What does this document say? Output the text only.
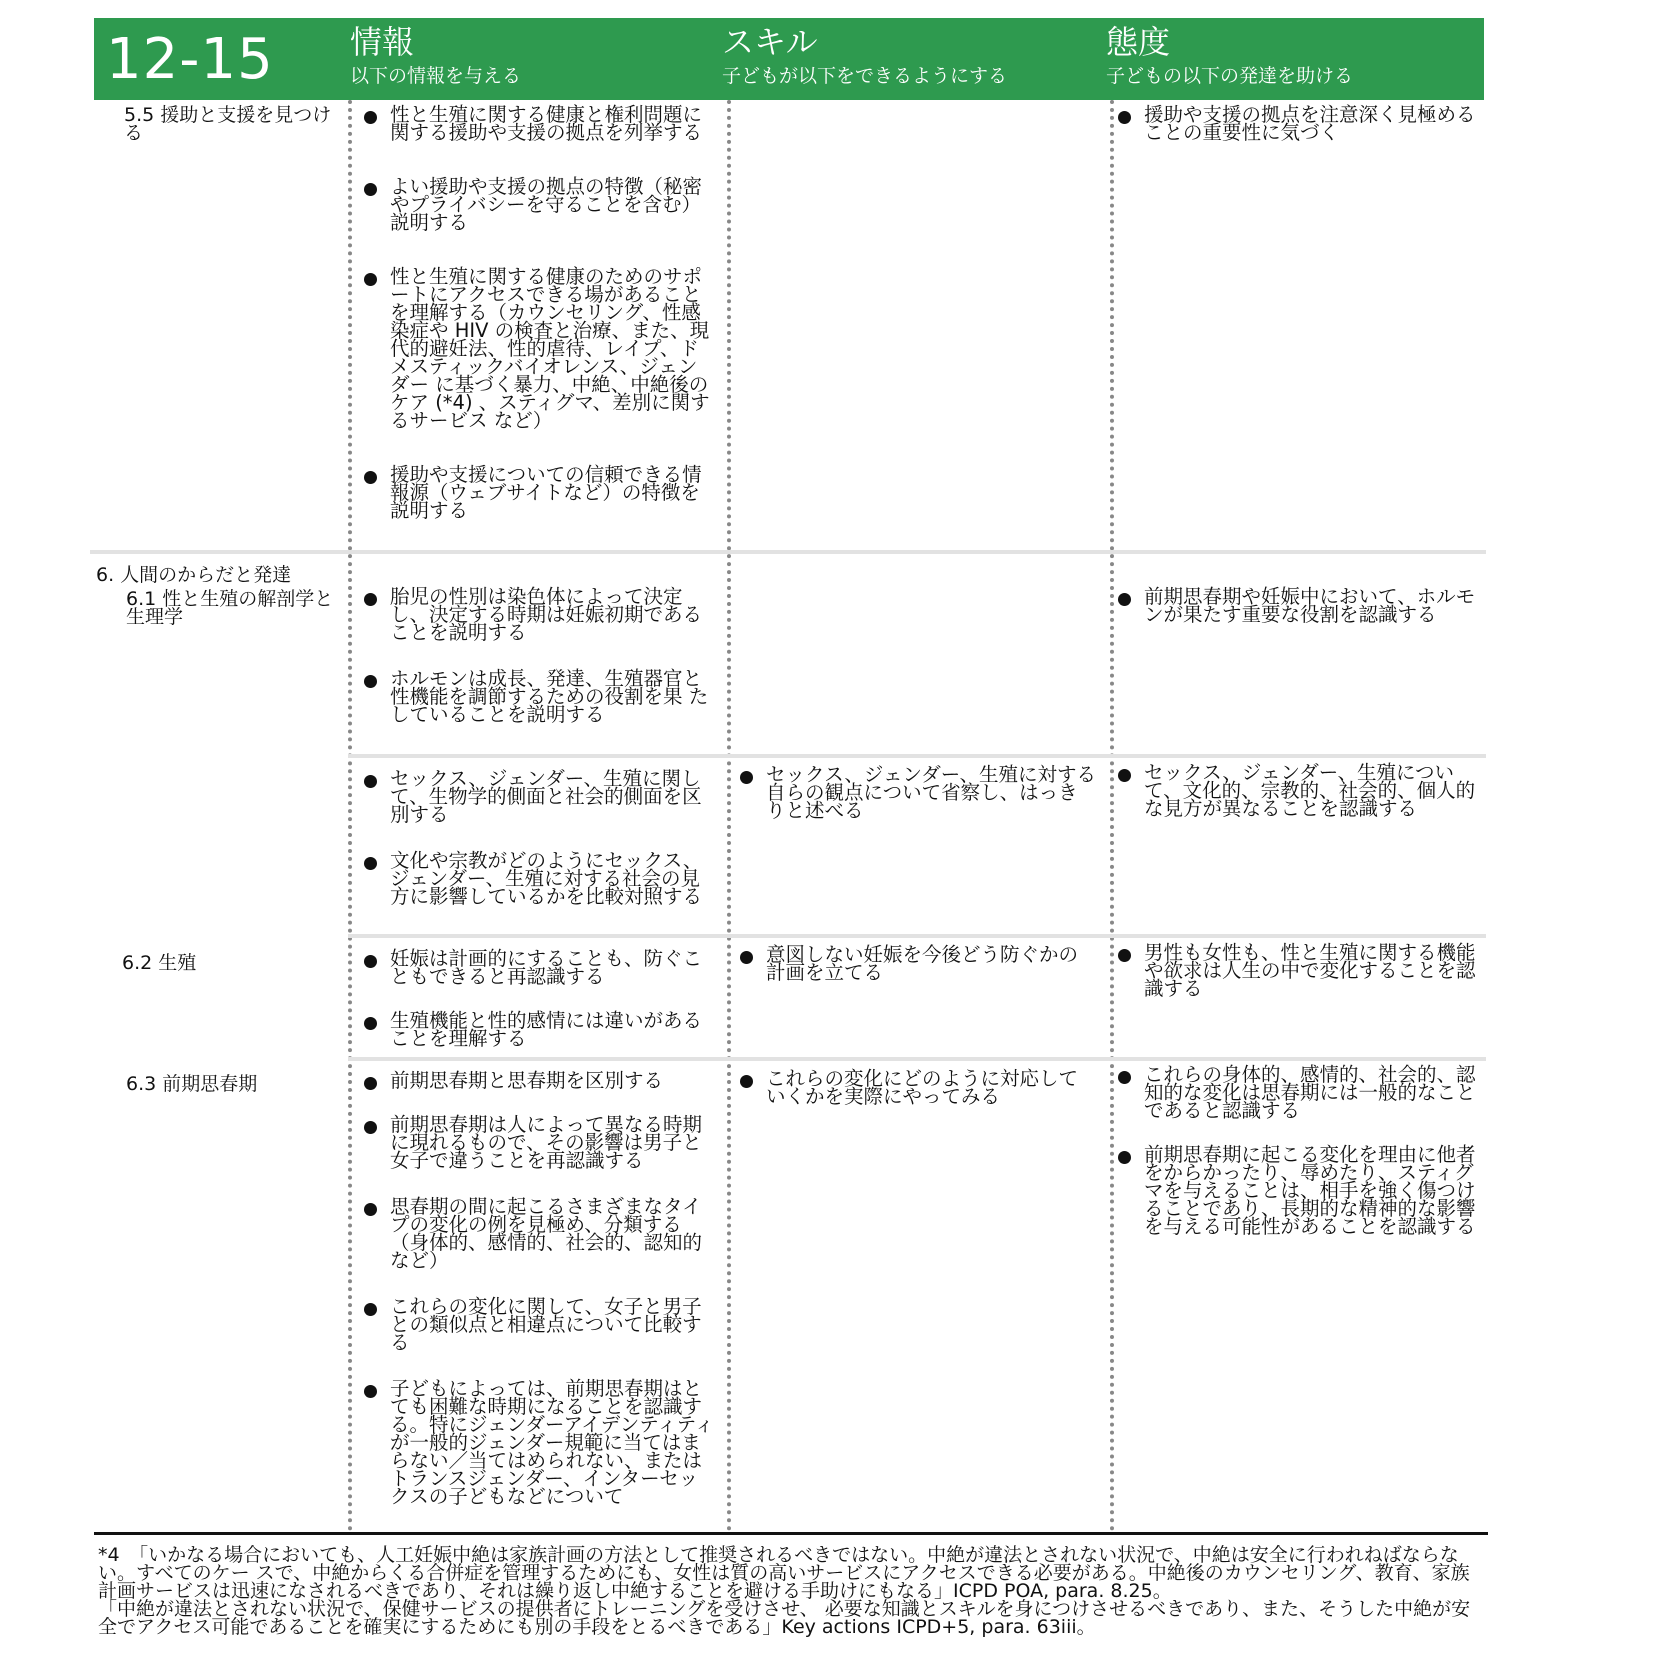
12-15 情報
以下の情報を与える
スキル
子どもが以下をできるようにする
態度
子どもの以下の発達を助ける
5.5 援助と支援を見つける
6. 人間のからだと発達
6.1 性と生殖の解剖学と生理学
6.2 生殖
6.3 前期思春期
性と生殖に関する健康と権利問題に関する援助や支援の拠点を列挙する
よい援助や支援の拠点の特徴（秘密やプライバシーを守ることを含む）説明する
性と生殖に関する健康のためのサポートにアクセスできる場があることを理解する（カウンセリング、性感染症や HIV の検査と治療、また、現代的避妊法、性的虐待、レイプ、ドメスティックバイオレンス、ジェンダー に基づく暴力、中絶、中絶後のケア (*4) 、スティグマ、差別に関するサービス など）
援助や支援についての信頼できる情報源（ウェブサイトなど）の特徴を説明する
援助や支援の拠点を注意深く見極めることの重要性に気づく
胎児の性別は染色体によって決定し、決定する時期は妊娠初期であることを説明する
ホルモンは成長、発達、生殖器官と性機能を調節するための役割を果 たしていることを説明する
前期思春期や妊娠中において、ホルモンが果たす重要な役割を認識する
セックス、ジェンダー、生殖に関して、生物学的側面と社会的側面を区別する
文化や宗教がどのようにセックス、ジェンダー、生殖に対する社会の見方に影響しているかを比較対照する
セックス、ジェンダー、生殖に対する自らの観点について省察し、はっきりと述べる
セックス、ジェンダー、生殖について、文化的、宗教的、社会的、個人的な見方が異なることを認識する
妊娠は計画的にすることも、防ぐこともできると再認識する
生殖機能と性的感情には違いがあることを理解する
意図しない妊娠を今後どう防ぐかの計画を立てる
男性も女性も、性と生殖に関する機能や欲求は人生の中で変化することを認識する
前期思春期と思春期を区別する
前期思春期は人によって異なる時期に現れるもので、その影響は男子と女子で違うことを再認識する
思春期の間に起こるさまざまなタイプの変化の例を見極め、分類する（身体的、感情的、社会的、認知的など）
これらの変化に関して、女子と男子との類似点と相違点について比較する
子どもによっては、前期思春期はとても困難な時期になることを認識する。特にジェンダーアイデンティティが一般的ジェンダー規範に当てはまらない／当てはめられない、またはトランスジェンダー、インターセックスの子どもなどについて
これらの変化にどのように対応していくかを実際にやってみる
これらの身体的、感情的、社会的、認知的な変化は思春期には一般的なことであると認識する
前期思春期に起こる変化を理由に他者をからかったり、辱めたり、スティグマを与えることは、相手を強く傷つけることであり、長期的な精神的な影響を与える可能性があることを認識する

*4　「いかなる場合においても、人工妊娠中絶は家族計画の方法として推奨されるべきではない。中絶が違法とされない状況で、中絶は安全に行われねばならない。すべてのケー スで、中絶からくる合併症を管理するためにも、女性は質の高いサービスにアクセスできる必要がある。中絶後のカウンセリング、教育、家族計画サービスは迅速になされるべきであり、それは繰り返し中絶することを避ける手助けにもなる」ICPD POA, para. 8.25。

「中絶が違法とされない状況で、保健サービスの提供者にトレーニングを受けさせ、 必要な知識とスキルを身につけさせるべきであり、また、そうした中絶が安全でアクセス可能であることを確実にするためにも別の手段をとるべきである」Key actions ICPD+5, para. 63iii。
